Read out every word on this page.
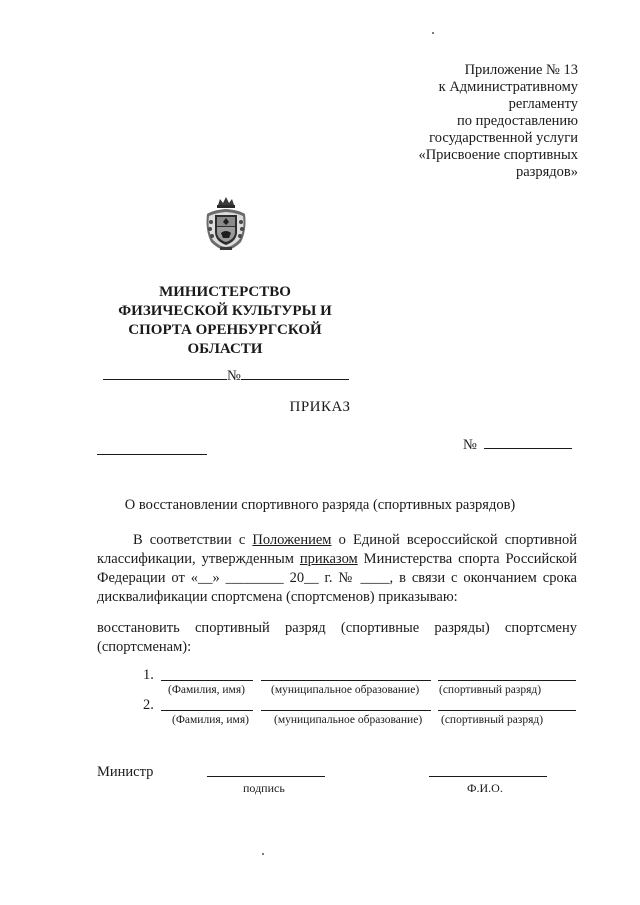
Приложение № 13
к Административному
регламенту
по предоставлению
государственной услуги
«Присвоение спортивных
разрядов»
МИНИСТЕРСТВО
ФИЗИЧЕСКОЙ КУЛЬТУРЫ И
СПОРТА ОРЕНБУРГСКОЙ
ОБЛАСТИ
№
ПРИКАЗ
№
О восстановлении спортивного разряда (спортивных разрядов)
В соответствии с Положением о Единой всероссийской спортивной
классификации, утвержденным приказом Министерства спорта Российской
Федерации от «__» ________ 20__ г. № ____, в связи с окончанием срока
дисквалификации спортсмена (спортсменов) приказываю:
восстановить спортивный разряд (спортивные разряды) спортсмену
(спортсменам):
1.
(Фамилия, имя) (муниципальное образование) (спортивный разряд)
2.
(Фамилия, имя) (муниципальное образование) (спортивный разряд)
Министр
подпись	Ф.И.О.
